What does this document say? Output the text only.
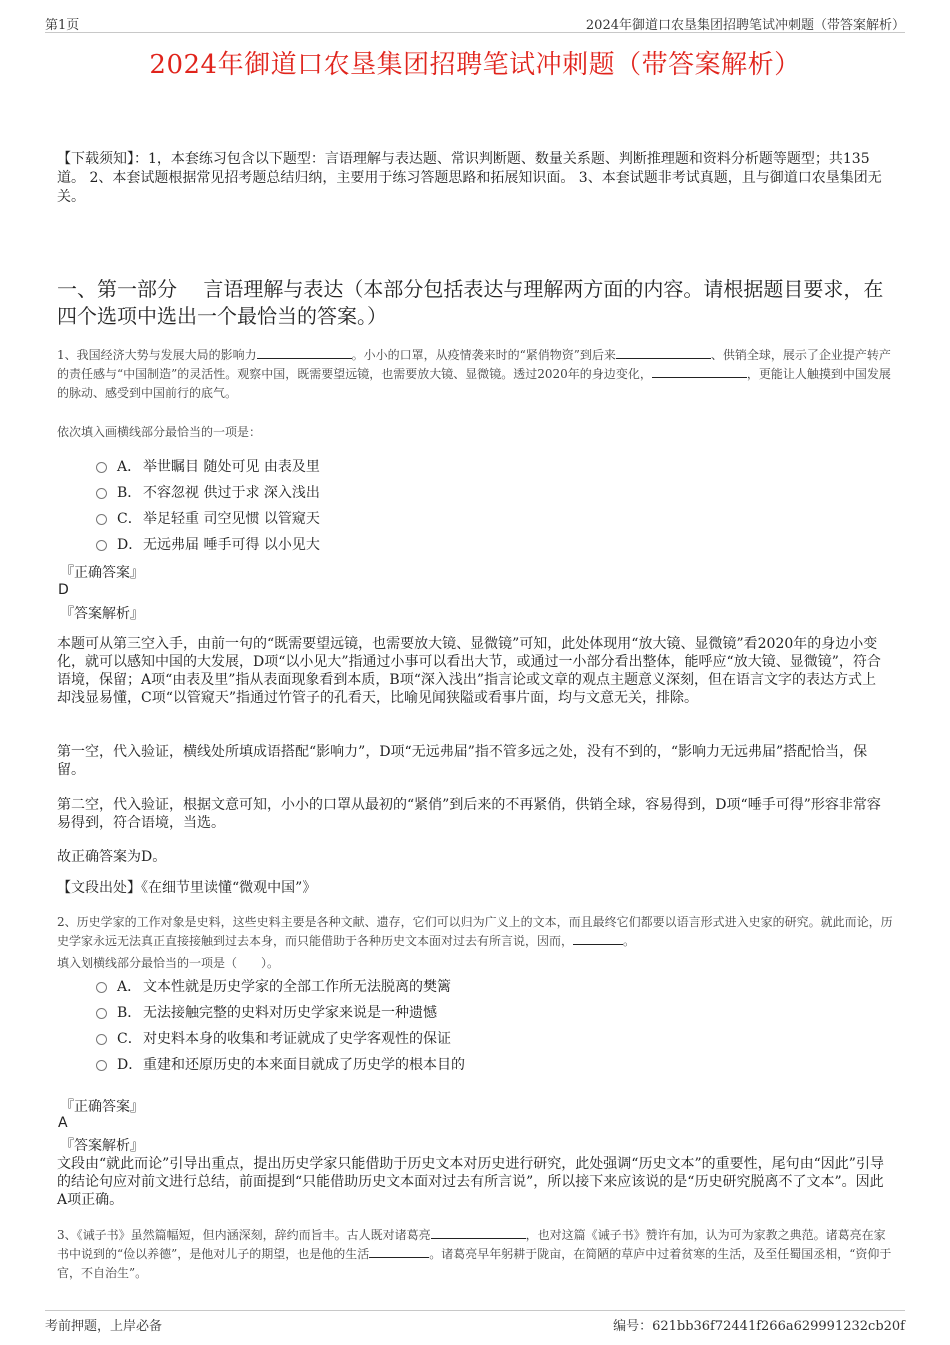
第1页	2024年御道口农垦集团招聘笔试冲刺题（带答案解析）
2024年御道口农垦集团招聘笔试冲刺题（带答案解析）
【下载须知】：1，本套练习包含以下题型：言语理解与表达题、常识判断题、数量关系题、判断推理题和资料分析题等题型；共135道。 2、本套试题根据常见招考题总结归纳，主要用于练习答题思路和拓展知识面。 3、本套试题非考试真题，且与御道口农垦集团无关。
一、第一部分　 言语理解与表达（本部分包括表达与理解两方面的内容。请根据题目要求，在四个选项中选出一个最恰当的答案。）
1、我国经济大势与发展大局的影响力	。小小的口罩，从疫情袭来时的“紧俏物资”到后来	、供销全球，展示了企业提产转产的责任感与“中国制造”的灵活性。观察中国，既需要望远镜，也需要放大镜、显微镜。透过2020年的身边变化，	，更能让人触摸到中国发展的脉动、感受到中国前行的底气。
依次填入画横线部分最恰当的一项是：
A． 举世瞩目 随处可见 由表及里
B． 不容忽视 供过于求 深入浅出
C．举足轻重 司空见惯 以管窥天
D．无远弗届 唾手可得 以小见大
『正确答案』
D
『答案解析』
本题可从第三空入手，由前一句的“既需要望远镜，也需要放大镜、显微镜”可知，此处体现用“放大镜、显微镜”看2020年的身边小变化，就可以感知中国的大发展，D项“以小见大”指通过小事可以看出大节，或通过一小部分看出整体，能呼应“放大镜、显微镜”，符合语境，保留；A项“由表及里”指从表面现象看到本质，B项“深入浅出”指言论或文章的观点主题意义深刻，但在语言文字的表达方式上却浅显易懂，C项“以管窥天”指通过竹管子的孔看天，比喻见闻狭隘或看事片面，均与文意无关，排除。
第一空，代入验证，横线处所填成语搭配“影响力”，D项“无远弗届”指不管多远之处，没有不到的，“影响力无远弗届”搭配恰当，保留。
第二空，代入验证，根据文意可知，小小的口罩从最初的“紧俏”到后来的不再紧俏，供销全球，容易得到，D项“唾手可得”形容非常容易得到，符合语境，当选。
故正确答案为D。
【文段出处】《在细节里读懂“微观中国”》
2、历史学家的工作对象是史料，这些史料主要是各种文献、遗存，它们可以归为广义上的文本，而且最终它们都要以语言形式进入史家的研究。就此而论，历史学家永远无法真正直接接触到过去本身，而只能借助于各种历史文本面对过去有所言说，因而，	。
填入划横线部分最恰当的一项是（　　）。
A． 文本性就是历史学家的全部工作所无法脱离的樊篱
B． 无法接触完整的史料对历史学家来说是一种遗憾
C．对史料本身的收集和考证就成了史学客观性的保证
D．重建和还原历史的本来面目就成了历史学的根本目的
『正确答案』
A
『答案解析』
文段由“就此而论”引导出重点，提出历史学家只能借助于历史文本对历史进行研究，此处强调“历史文本”的重要性，尾句由“因此”引导的结论句应对前文进行总结，前面提到“只能借助历史文本面对过去有所言说”，所以接下来应该说的是“历史研究脱离不了文本”。因此A项正确。
3、《诫子书》虽然篇幅短，但内涵深刻，辞约而旨丰。古人既对诸葛亮	，也对这篇《诫子书》赞许有加，认为可为家教之典范。诸葛亮在家书中说到的“俭以养德”，是他对儿子的期望，也是他的生活	。诸葛亮早年躬耕于陇亩，在简陋的草庐中过着贫寒的生活，及至任蜀国丞相，“资仰于官，不自治生”。
考前押题，上岸必备	编号：621bb36f72441f266a629991232cb20f
